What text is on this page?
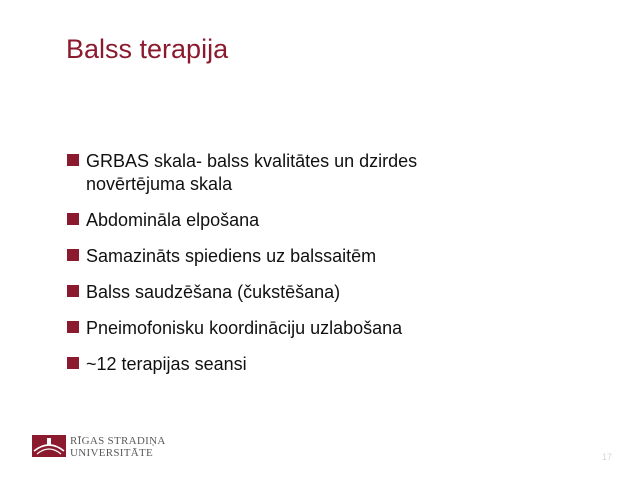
Balss terapija
GRBAS skala- balss kvalitātes un dzirdes novērtējuma skala
Abdomināla elpošana
Samazināts spiediens uz balssaitēm
Balss saudzēšana (čukstēšana)
Pneimofonisku koordināciju uzlabošana
~12 terapijas seansi
RĪGAS STRADIŅA
UNIVERSITĀTE	17
